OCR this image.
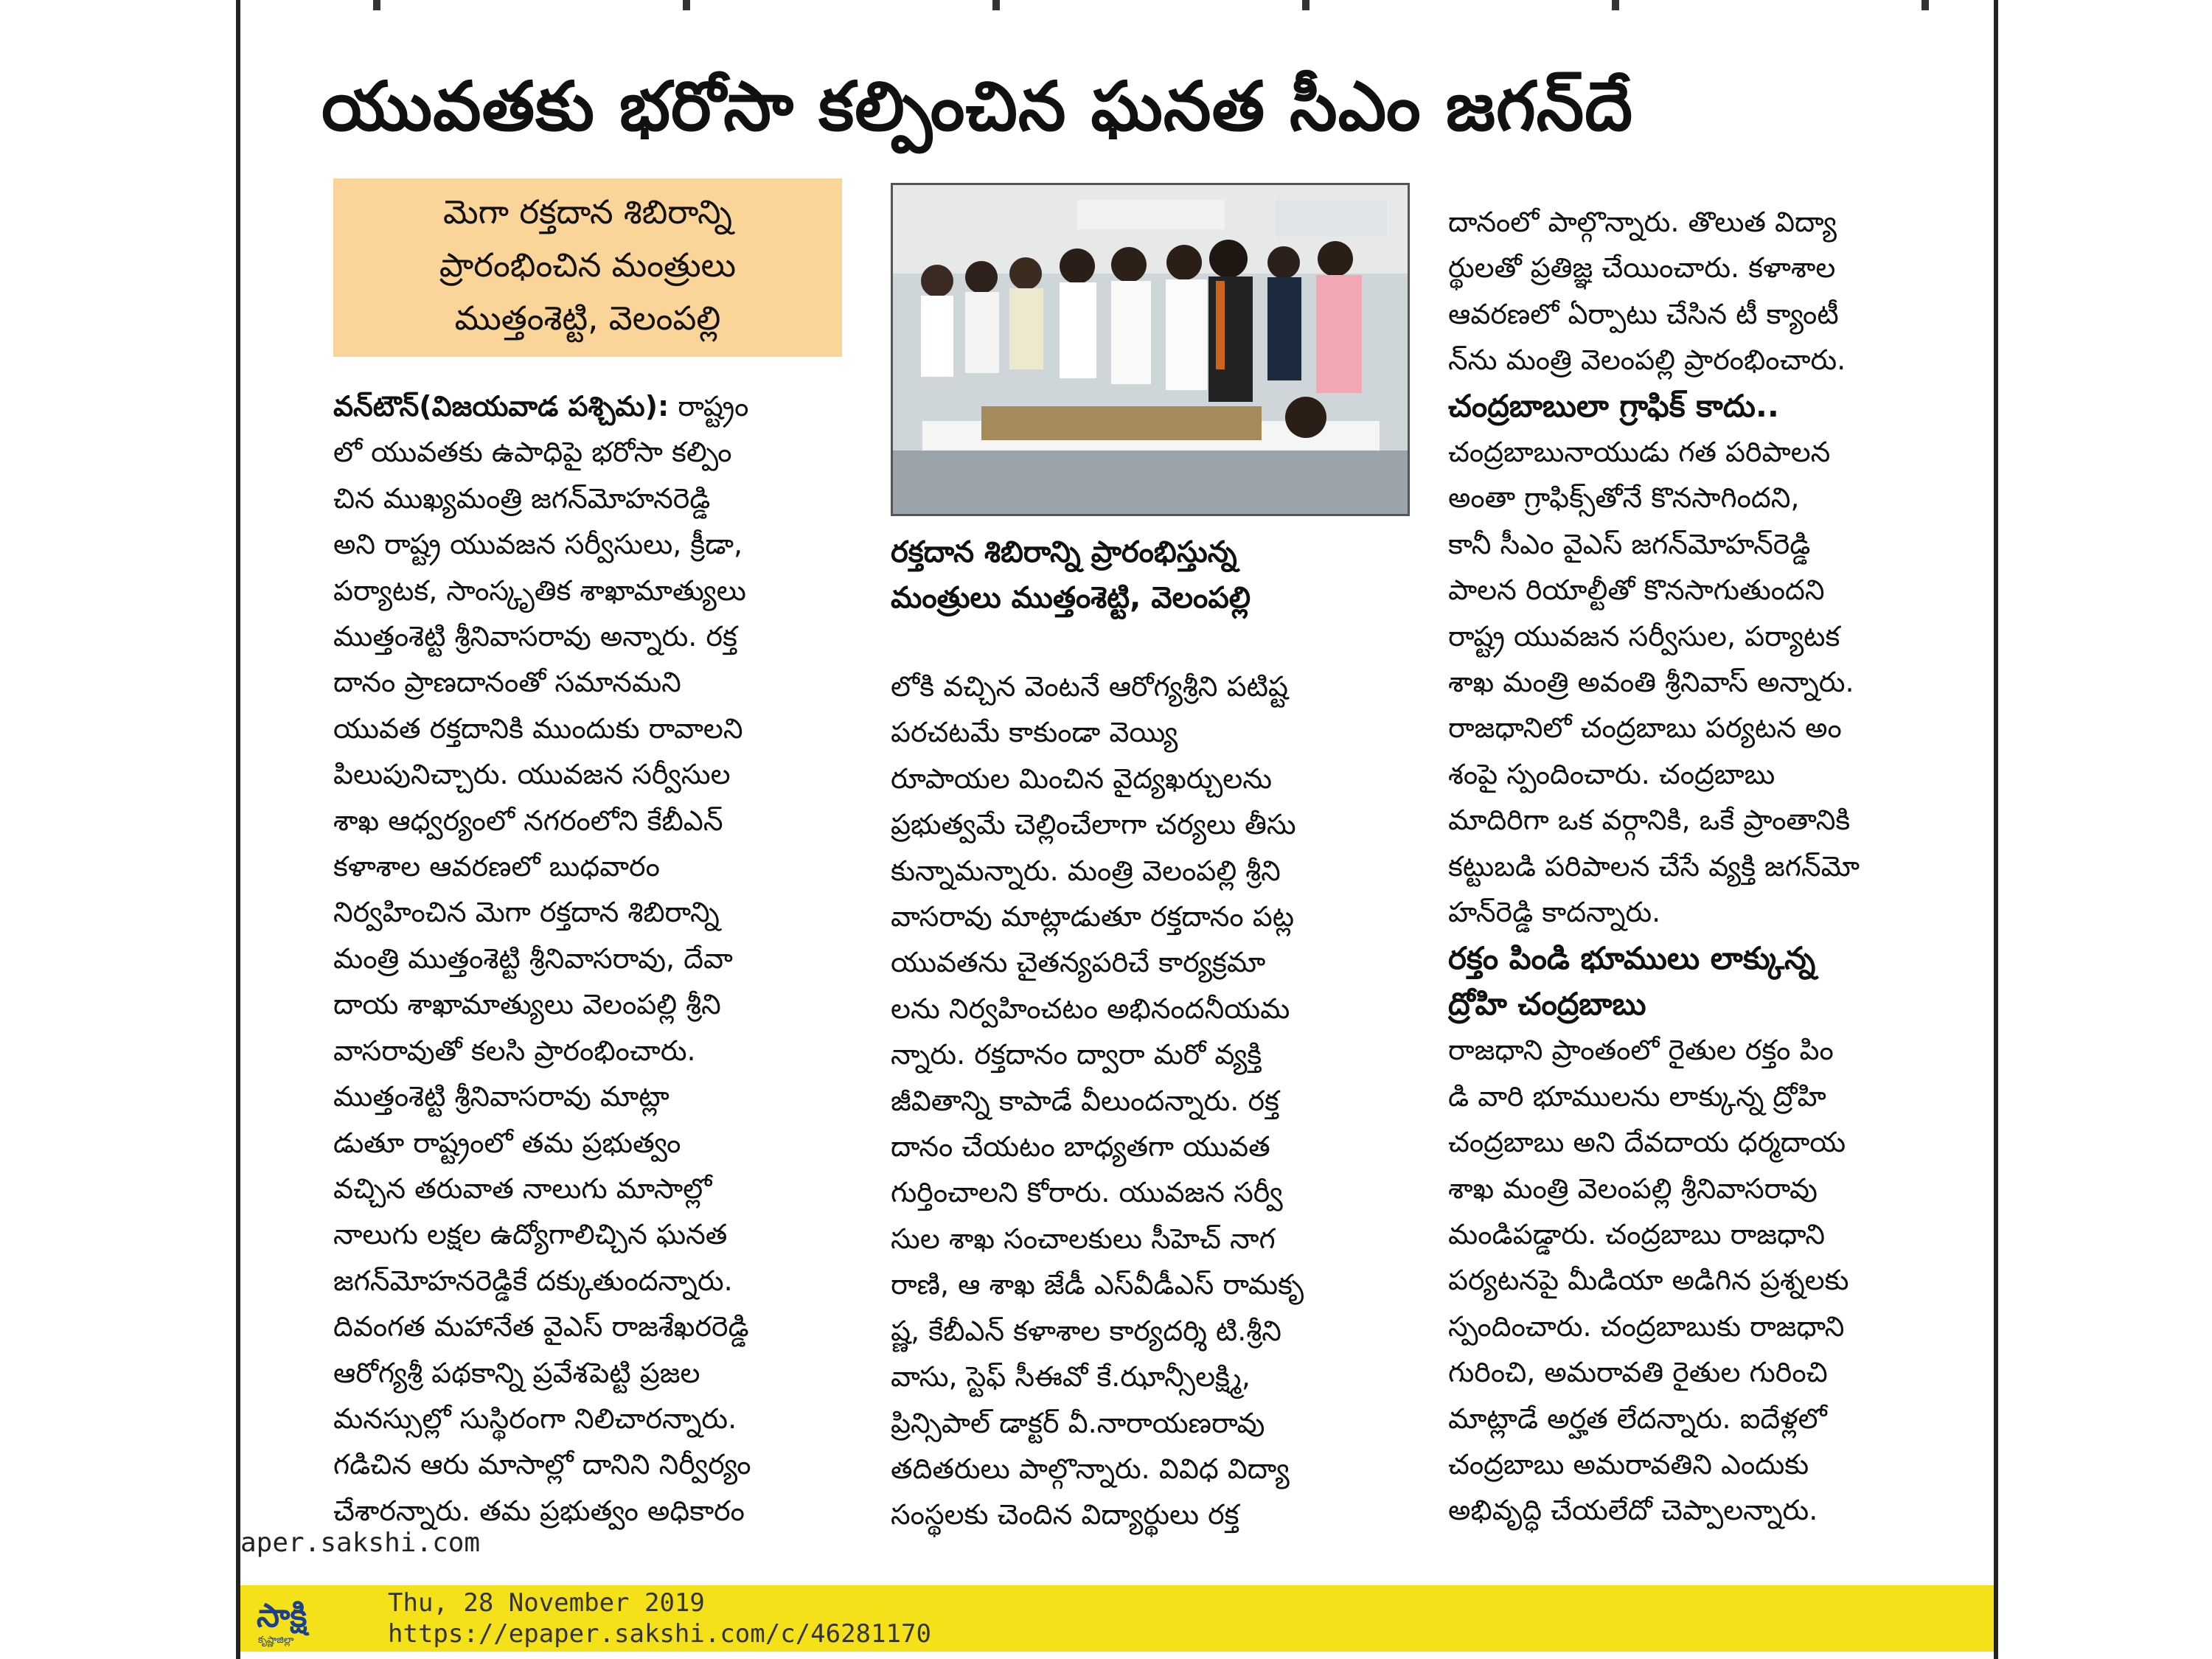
యువతకు భరోసా కల్పించిన ఘనత సీఎం జగన్‌దే
మెగా రక్తదాన శిబిరాన్ని
ప్రారంభించిన మంత్రులు
ముత్తంశెట్టి, వెలంపల్లి
వన్‌టౌన్‌(విజయవాడ పశ్చిమ): రాష్ట్రం
లో యువతకు ఉపాధిపై భరోసా కల్పిం
చిన ముఖ్యమంత్రి జగన్‌మోహనరెడ్డి
అని రాష్ట్ర యువజన సర్వీసులు, క్రీడా,
పర్యాటక, సాంస్కృతిక శాఖామాత్యులు
ముత్తంశెట్టి శ్రీనివాసరావు అన్నారు. రక్త
దానం ప్రాణదానంతో సమానమని
యువత రక్తదానికి ముందుకు రావాలని
పిలుపునిచ్చారు. యువజన సర్వీసుల
శాఖ ఆధ్వర్యంలో నగరంలోని కేబీఎన్
కళాశాల ఆవరణలో బుధవారం
నిర్వహించిన మెగా రక్తదాన శిబిరాన్ని
మంత్రి ముత్తంశెట్టి శ్రీనివాసరావు, దేవా
దాయ శాఖామాత్యులు వెలంపల్లి శ్రీని
వాసరావుతో కలసి ప్రారంభించారు.
ముత్తంశెట్టి శ్రీనివాసరావు మాట్లా
డుతూ రాష్ట్రంలో తమ ప్రభుత్వం
వచ్చిన తరువాత నాలుగు మాసాల్లో
నాలుగు లక్షల ఉద్యోగాలిచ్చిన ఘనత
జగన్‌మోహనరెడ్డికే దక్కుతుందన్నారు.
దివంగత మహానేత వైఎస్‌ రాజశేఖరరెడ్డి
ఆరోగ్యశ్రీ పథకాన్ని ప్రవేశపెట్టి ప్రజల
మనస్సుల్లో సుస్థిరంగా నిలిచారన్నారు.
గడిచిన ఆరు మాసాల్లో దానిని నిర్వీర్యం
చేశారన్నారు. తమ ప్రభుత్వం అధికారం
రక్తదాన శిబిరాన్ని ప్రారంభిస్తున్న
మంత్రులు ముత్తంశెట్టి, వెలంపల్లి
లోకి వచ్చిన వెంటనే ఆరోగ్యశ్రీని పటిష్ట
పరచటమే కాకుండా వెయ్యి
రూపాయల మించిన వైద్యఖర్చులను
ప్రభుత్వమే చెల్లించేలాగా చర్యలు తీసు
కున్నామన్నారు. మంత్రి వెలంపల్లి శ్రీని
వాసరావు మాట్లాడుతూ రక్తదానం పట్ల
యువతను చైతన్యపరిచే కార్యక్రమా
లను నిర్వహించటం అభినందనీయమ
న్నారు. రక్తదానం ద్వారా మరో వ్యక్తి
జీవితాన్ని కాపాడే వీలుందన్నారు. రక్త
దానం చేయటం బాధ్యతగా యువత
గుర్తించాలని కోరారు. యువజన సర్వీ
సుల శాఖ సంచాలకులు సీహెచ్‌ నాగ
రాణి, ఆ శాఖ జేడీ ఎస్‌వీడీఎస్‌ రామకృ
ష్ణ, కేబీఎన్‌ కళాశాల కార్యదర్శి టి.శ్రీని
వాసు, స్టెఫ్‌ సీఈవో కే.ఝాన్సీలక్ష్మి,
ప్రిన్సిపాల్‌ డాక్టర్‌ వీ.నారాయణరావు
తదితరులు పాల్గొన్నారు. వివిధ విద్యా
సంస్థలకు చెందిన విద్యార్థులు రక్త
దానంలో పాల్గొన్నారు. తొలుత విద్యా
ర్థులతో ప్రతిజ్ఞ చేయించారు. కళాశాల
ఆవరణలో ఏర్పాటు చేసిన టీ క్యాంటీ
న్‌ను మంత్రి వెలంపల్లి ప్రారంభించారు.
చంద్రబాబులా గ్రాఫిక్‌ కాదు..
చంద్రబాబునాయుడు గత పరిపాలన
అంతా గ్రాఫిక్స్‌తోనే కొనసాగిందని,
కానీ సీఎం వైఎస్‌ జగన్‌మోహన్‌రెడ్డి
పాలన రియాల్టీతో కొనసాగుతుందని
రాష్ట్ర యువజన సర్వీసుల, పర్యాటక
శాఖ మంత్రి అవంతి శ్రీనివాస్‌ అన్నారు.
రాజధానిలో చంద్రబాబు పర్యటన అం
శంపై స్పందించారు. చంద్రబాబు
మాదిరిగా ఒక వర్గానికి, ఒకే ప్రాంతానికి
కట్టుబడి పరిపాలన చేసే వ్యక్తి జగన్‌మో
హన్‌రెడ్డి కాదన్నారు.
రక్తం పిండి భూములు లాక్కున్న
ద్రోహి చంద్రబాబు
రాజధాని ప్రాంతంలో రైతుల రక్తం పిం
డి వారి భూములను లాక్కున్న ద్రోహి
చంద్రబాబు అని దేవదాయ ధర్మదాయ
శాఖ మంత్రి వెలంపల్లి శ్రీనివాసరావు
మండిపడ్డారు. చంద్రబాబు రాజధాని
పర్యటనపై మీడియా అడిగిన ప్రశ్నలకు
స్పందించారు. చంద్రబాబుకు రాజధాని
గురించి, అమరావతి రైతుల గురించి
మాట్లాడే అర్హత లేదన్నారు. ఐదేళ్లలో
చంద్రబాబు అమరావతిని ఎందుకు
అభివృద్ధి చేయలేదో చెప్పాలన్నారు.
aper.sakshi.com
సాక్షి
కృష్ణాజిల్లా
Thu, 28 November 2019
https://epaper.sakshi.com/c/46281170
